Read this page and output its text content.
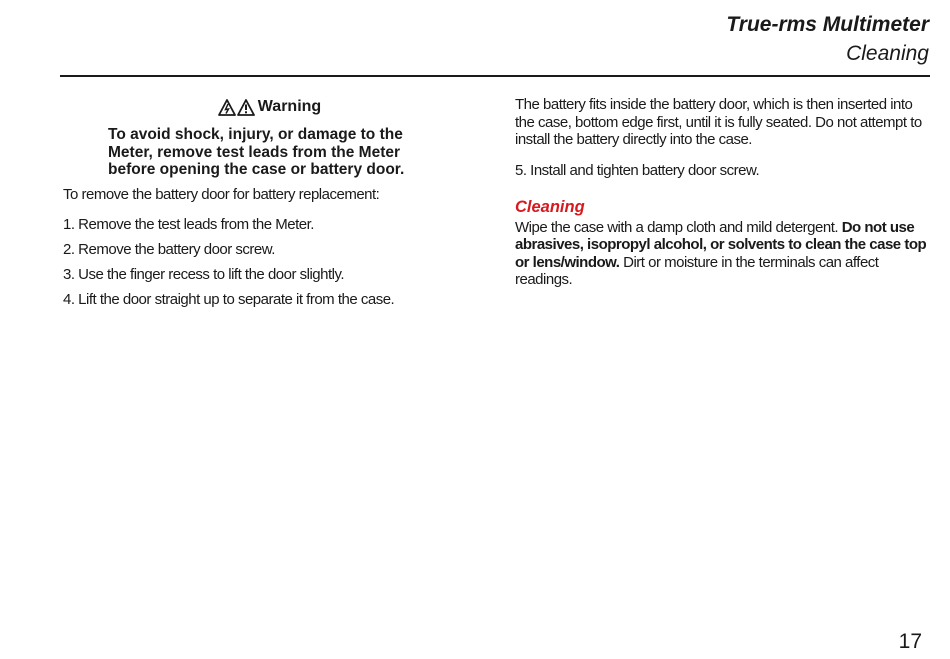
True-rms Multimeter
Cleaning
Warning
To avoid shock, injury, or damage to the Meter, remove test leads from the Meter before opening the case or battery door.
To remove the battery door for battery replacement:
1. Remove the test leads from the Meter.
2. Remove the battery door screw.
3. Use the finger recess to lift the door slightly.
4. Lift the door straight up to separate it from the case.
The battery fits inside the battery door, which is then inserted into the case, bottom edge first, until it is fully seated. Do not attempt to install the battery directly into the case.
5. Install and tighten battery door screw.
Cleaning
Wipe the case with a damp cloth and mild detergent. Do not use abrasives, isopropyl alcohol, or solvents to clean the case top or lens/window. Dirt or moisture in the terminals can affect readings.
17
